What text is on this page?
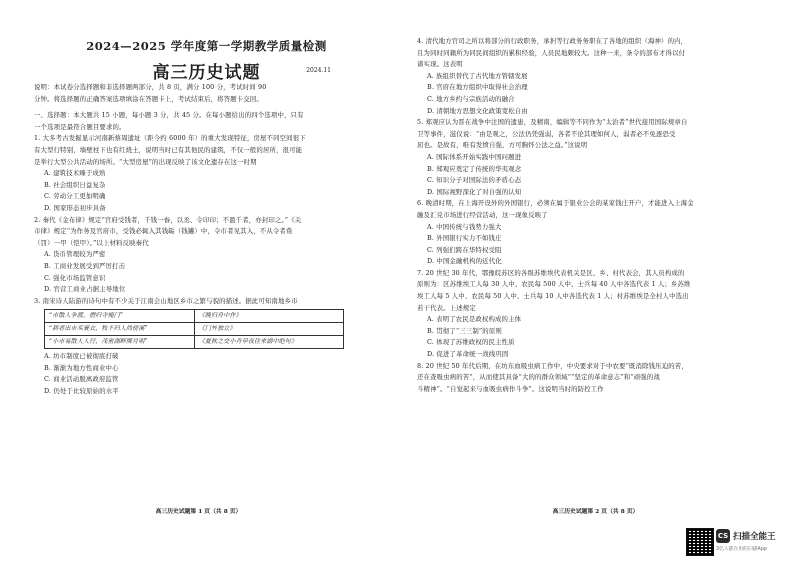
2024—2025 学年度第一学期教学质量检测
高三历史试题	2024.11

说明：本试卷分选择题和非选择题两部分，共 8 页，满分 100 分，考试时间 90

分钟。将选择题的正确答案选项填涂在答题卡上，考试结束后，将答题卡交回。

一、选择题：本大题共 15 小题，每小题 3 分，共 45 分。在每小题给出的四个选项中，只有

一个选项是最符合题目要求的。

1. 大多考古发掘显示河南新蔡周遗址（距今约 6000 年）的重大发现特征，房屋不同空间很下

有大型行特别，墙壁柱下也有红烧土，说明当时已有其他民的建筑，不仅一般的居所，很可能

是举行大型公共活动的场所。“大型房屋”的出现反映了该文化遗存在这一时期

A. 建筑技术臻于成熟

B. 社会组织日益复杂

C. 劳动分工更加明确

D. 国家形态初步具备

2. 秦代《金布律》规定“官府受钱者，千钱一畚，以丞、令印印；不盈千者，亦封印之。”《关

市律》规定“为作务及官府市，受钱必辄入其钱缿（钱罐）中，令市者见其入，不从令者赀

（罚）一甲（铠甲）。”以上材料反映秦代

A. 货币管理较为严密

B. 工商业发展受到严厉打击

C. 强化市场监管意识

D. 官营工商业占据主导地位

3. 南宋诗人陆游的诗句中有不少关于江南会山地区乡市之繁与貌的描述。据此可知南地乡市

“市散人争渡，僧归寺掩门”	《晚归舟中作》
“耕者出市买蓑衣，牧不归人尚傍溪”	《门外独立》
“小市易散人人行，茂密湖畔牌月明”	《夏秋之交小舟早夜往来湖中绝句》

A. 坊市制度已被彻底打破

B. 渐渐为地方性商业中心

C. 商业活动脱离政府监管

D. 仍处于比较原始的水平

高三历史试题第 1 页（共 8 页）

4. 清代地方官司之所以将部分的行政职务，承担等行政务务职在了各地的组织（海神）的内，

且为同时同籍所为同民间组织的累积经验，人员民地颇较大。这种一来，条令的部布才得以付

诸实现。这表明

A. 族组织替代了古代地方管辖发展

B. 官府在地方组织中取得社会治理

C. 地方乡约与宗族活动的融合

D. 清朝地方思想文化政策宽松自由

5. 郑观应认为晋在战争中注国的遗患，及精南，编辑等不同作为“太治者”世代接用国际规章自

卫等事件，滋仅说：“由是观之，公法仍凭强弱，各者不论其理如何人，弱者必不免逐恐受

屈也。是故有，唯有发愤自强，方可胸怀公法之益。”这说明

A. 国际体系开始实践中国问题进

B. 郑观应奠定了传统的华夷观念

C. 知识分子对国际法的矛盾心态

D. 国际视野深化了对自强的认知

6. 晚清时期，在上海开设外的外国银行，必须在属于银业公会的某家钱庄开户，才能进入上海金

融及汇兑市场进行经营活动，这一现象反映了

A. 中国传统与钱势力强大

B. 外国银行实力不如钱庄

C. 列强们跨在华特权受阻

D. 中国金融机构的近代化

7. 20 世纪 30 年代，鄂豫皖苏区的各级苏维埃代表机关是区、乡、村代表会，其人员构成的

原则为：区苏维埃工人每 30 人中、农民每 500 人中、士兵每 40 人中各选代表 1 人；乡苏维

埃工人每 5 人中、农民每 50 人中、士兵每 10 人中各选代表 1 人；村苏维埃是全村人中选出

若干代表。上述规定

A. 表明了农民是政权构成的主体

B. 贯彻了“三三制”的原则

C. 体现了苏维政权的民主性质

D. 促进了革命统一战线巩固

8. 20 世纪 50 年代后期，在坊东血吸虫病工作中，中央要求对于中农要“既消除钱压迫的苦，

还在查吸虫病的苦”，从而使其具备“大的的群众领域”“坚定的革命意志”和“顽强的战

斗精神”。“自觉起来与血吸虫病作斗争”。这说明当时的防控工作

高三历史试题第 2 页（共 8 页）
CS 扫描全能王
3亿人都在用的扫描App
